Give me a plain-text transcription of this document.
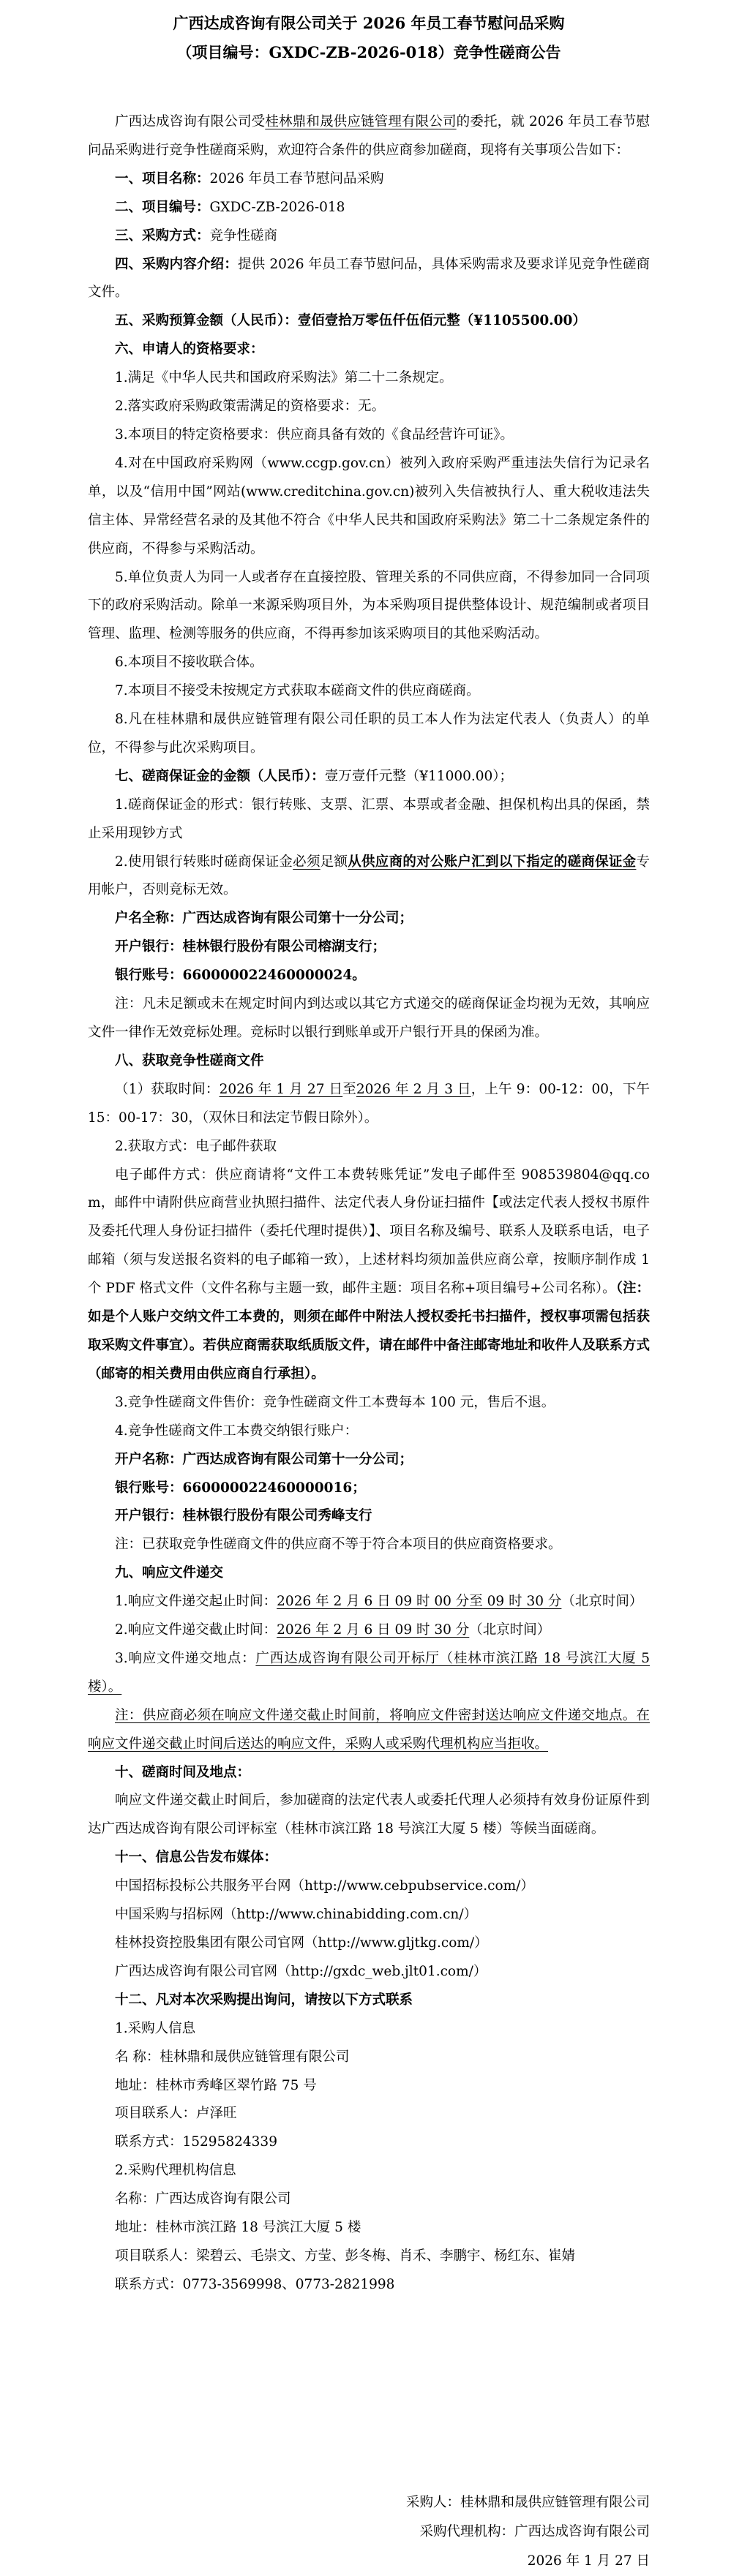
广西达成咨询有限公司关于 2026 年员工春节慰问品采购

（项目编号：GXDC-ZB-2026-018）竞争性磋商公告

广西达成咨询有限公司受桂林鼎和晟供应链管理有限公司的委托，就 2026 年员工春节慰问品采购进行竞争性磋商采购，欢迎符合条件的供应商参加磋商，现将有关事项公告如下：

一、项目名称：2026 年员工春节慰问品采购

二、项目编号：GXDC-ZB-2026-018

三、采购方式：竞争性磋商

四、采购内容介绍：提供 2026 年员工春节慰问品，具体采购需求及要求详见竞争性磋商文件。

五、采购预算金额（人民币）：壹佰壹拾万零伍仟伍佰元整（¥1105500.00）

六、申请人的资格要求：

1.满足《中华人民共和国政府采购法》第二十二条规定。

2.落实政府采购政策需满足的资格要求：无。

3.本项目的特定资格要求：供应商具备有效的《食品经营许可证》。

4.对在中国政府采购网（www.ccgp.gov.cn）被列入政府采购严重违法失信行为记录名单，以及“信用中国”网站(www.creditchina.gov.cn)被列入失信被执行人、重大税收违法失信主体、异常经营名录的及其他不符合《中华人民共和国政府采购法》第二十二条规定条件的供应商，不得参与采购活动。

5.单位负责人为同一人或者存在直接控股、管理关系的不同供应商，不得参加同一合同项下的政府采购活动。除单一来源采购项目外，为本采购项目提供整体设计、规范编制或者项目管理、监理、检测等服务的供应商，不得再参加该采购项目的其他采购活动。

6.本项目不接收联合体。

7.本项目不接受未按规定方式获取本磋商文件的供应商磋商。

8.凡在桂林鼎和晟供应链管理有限公司任职的员工本人作为法定代表人（负责人）的单位，不得参与此次采购项目。

七、磋商保证金的金额（人民币）：壹万壹仟元整（¥11000.00）；

1.磋商保证金的形式：银行转账、支票、汇票、本票或者金融、担保机构出具的保函，禁止采用现钞方式

2.使用银行转账时磋商保证金必须足额从供应商的对公账户汇到以下指定的磋商保证金专用帐户，否则竞标无效。

户名全称：广西达成咨询有限公司第十一分公司；

开户银行：桂林银行股份有限公司榕湖支行；

银行账号：660000022460000024。

注：凡未足额或未在规定时间内到达或以其它方式递交的磋商保证金均视为无效，其响应文件一律作无效竞标处理。竞标时以银行到账单或开户银行开具的保函为准。

八、获取竞争性磋商文件

（1）获取时间：2026 年 1 月 27 日至2026 年 2 月 3 日，上午 9：00-12：00，下午 15：00-17：30，（双休日和法定节假日除外）。

2.获取方式：电子邮件获取

电子邮件方式：供应商请将“文件工本费转账凭证”发电子邮件至 908539804@qq.com，邮件中请附供应商营业执照扫描件、法定代表人身份证扫描件【或法定代表人授权书原件及委托代理人身份证扫描件（委托代理时提供）】、项目名称及编号、联系人及联系电话，电子邮箱（须与发送报名资料的电子邮箱一致），上述材料均须加盖供应商公章，按顺序制作成 1 个 PDF 格式文件（文件名称与主题一致，邮件主题：项目名称+项目编号+公司名称）。（注：如是个人账户交纳文件工本费的，则须在邮件中附法人授权委托书扫描件，授权事项需包括获取采购文件事宜）。若供应商需获取纸质版文件，请在邮件中备注邮寄地址和收件人及联系方式（邮寄的相关费用由供应商自行承担）。

3.竞争性磋商文件售价：竞争性磋商文件工本费每本 100 元，售后不退。

4.竞争性磋商文件工本费交纳银行账户：

开户名称：广西达成咨询有限公司第十一分公司；

银行账号：660000022460000016；

开户银行：桂林银行股份有限公司秀峰支行

注：已获取竞争性磋商文件的供应商不等于符合本项目的供应商资格要求。

九、响应文件递交

1.响应文件递交起止时间：2026 年 2 月 6 日 09 时 00 分至 09 时 30 分（北京时间）

2.响应文件递交截止时间：2026 年 2 月 6 日 09 时 30 分（北京时间）

3.响应文件递交地点：广西达成咨询有限公司开标厅（桂林市滨江路 18 号滨江大厦 5 楼）。

注：供应商必须在响应文件递交截止时间前，将响应文件密封送达响应文件递交地点。在响应文件递交截止时间后送达的响应文件，采购人或采购代理机构应当拒收。

十、磋商时间及地点：

响应文件递交截止时间后，参加磋商的法定代表人或委托代理人必须持有效身份证原件到达广西达成咨询有限公司评标室（桂林市滨江路 18 号滨江大厦 5 楼）等候当面磋商。

十一、信息公告发布媒体：

中国招标投标公共服务平台网（http://www.cebpubservice.com/）

中国采购与招标网（http://www.chinabidding.com.cn/）

桂林投资控股集团有限公司官网（http://www.gljtkg.com/）

广西达成咨询有限公司官网（http://gxdc_web.jlt01.com/）

十二、凡对本次采购提出询问，请按以下方式联系

1.采购人信息

名 称：桂林鼎和晟供应链管理有限公司

地址：桂林市秀峰区翠竹路 75 号

项目联系人：卢泽旺

联系方式：15295824339

2.采购代理机构信息

名称：广西达成咨询有限公司

地址：桂林市滨江路 18 号滨江大厦 5 楼

项目联系人：梁碧云、毛崇文、方莹、彭冬梅、肖禾、李鹏宇、杨红东、崔婧

联系方式：0773-3569998、0773-2821998

采购人：桂林鼎和晟供应链管理有限公司

采购代理机构：广西达成咨询有限公司

2026 年 1 月 27 日
